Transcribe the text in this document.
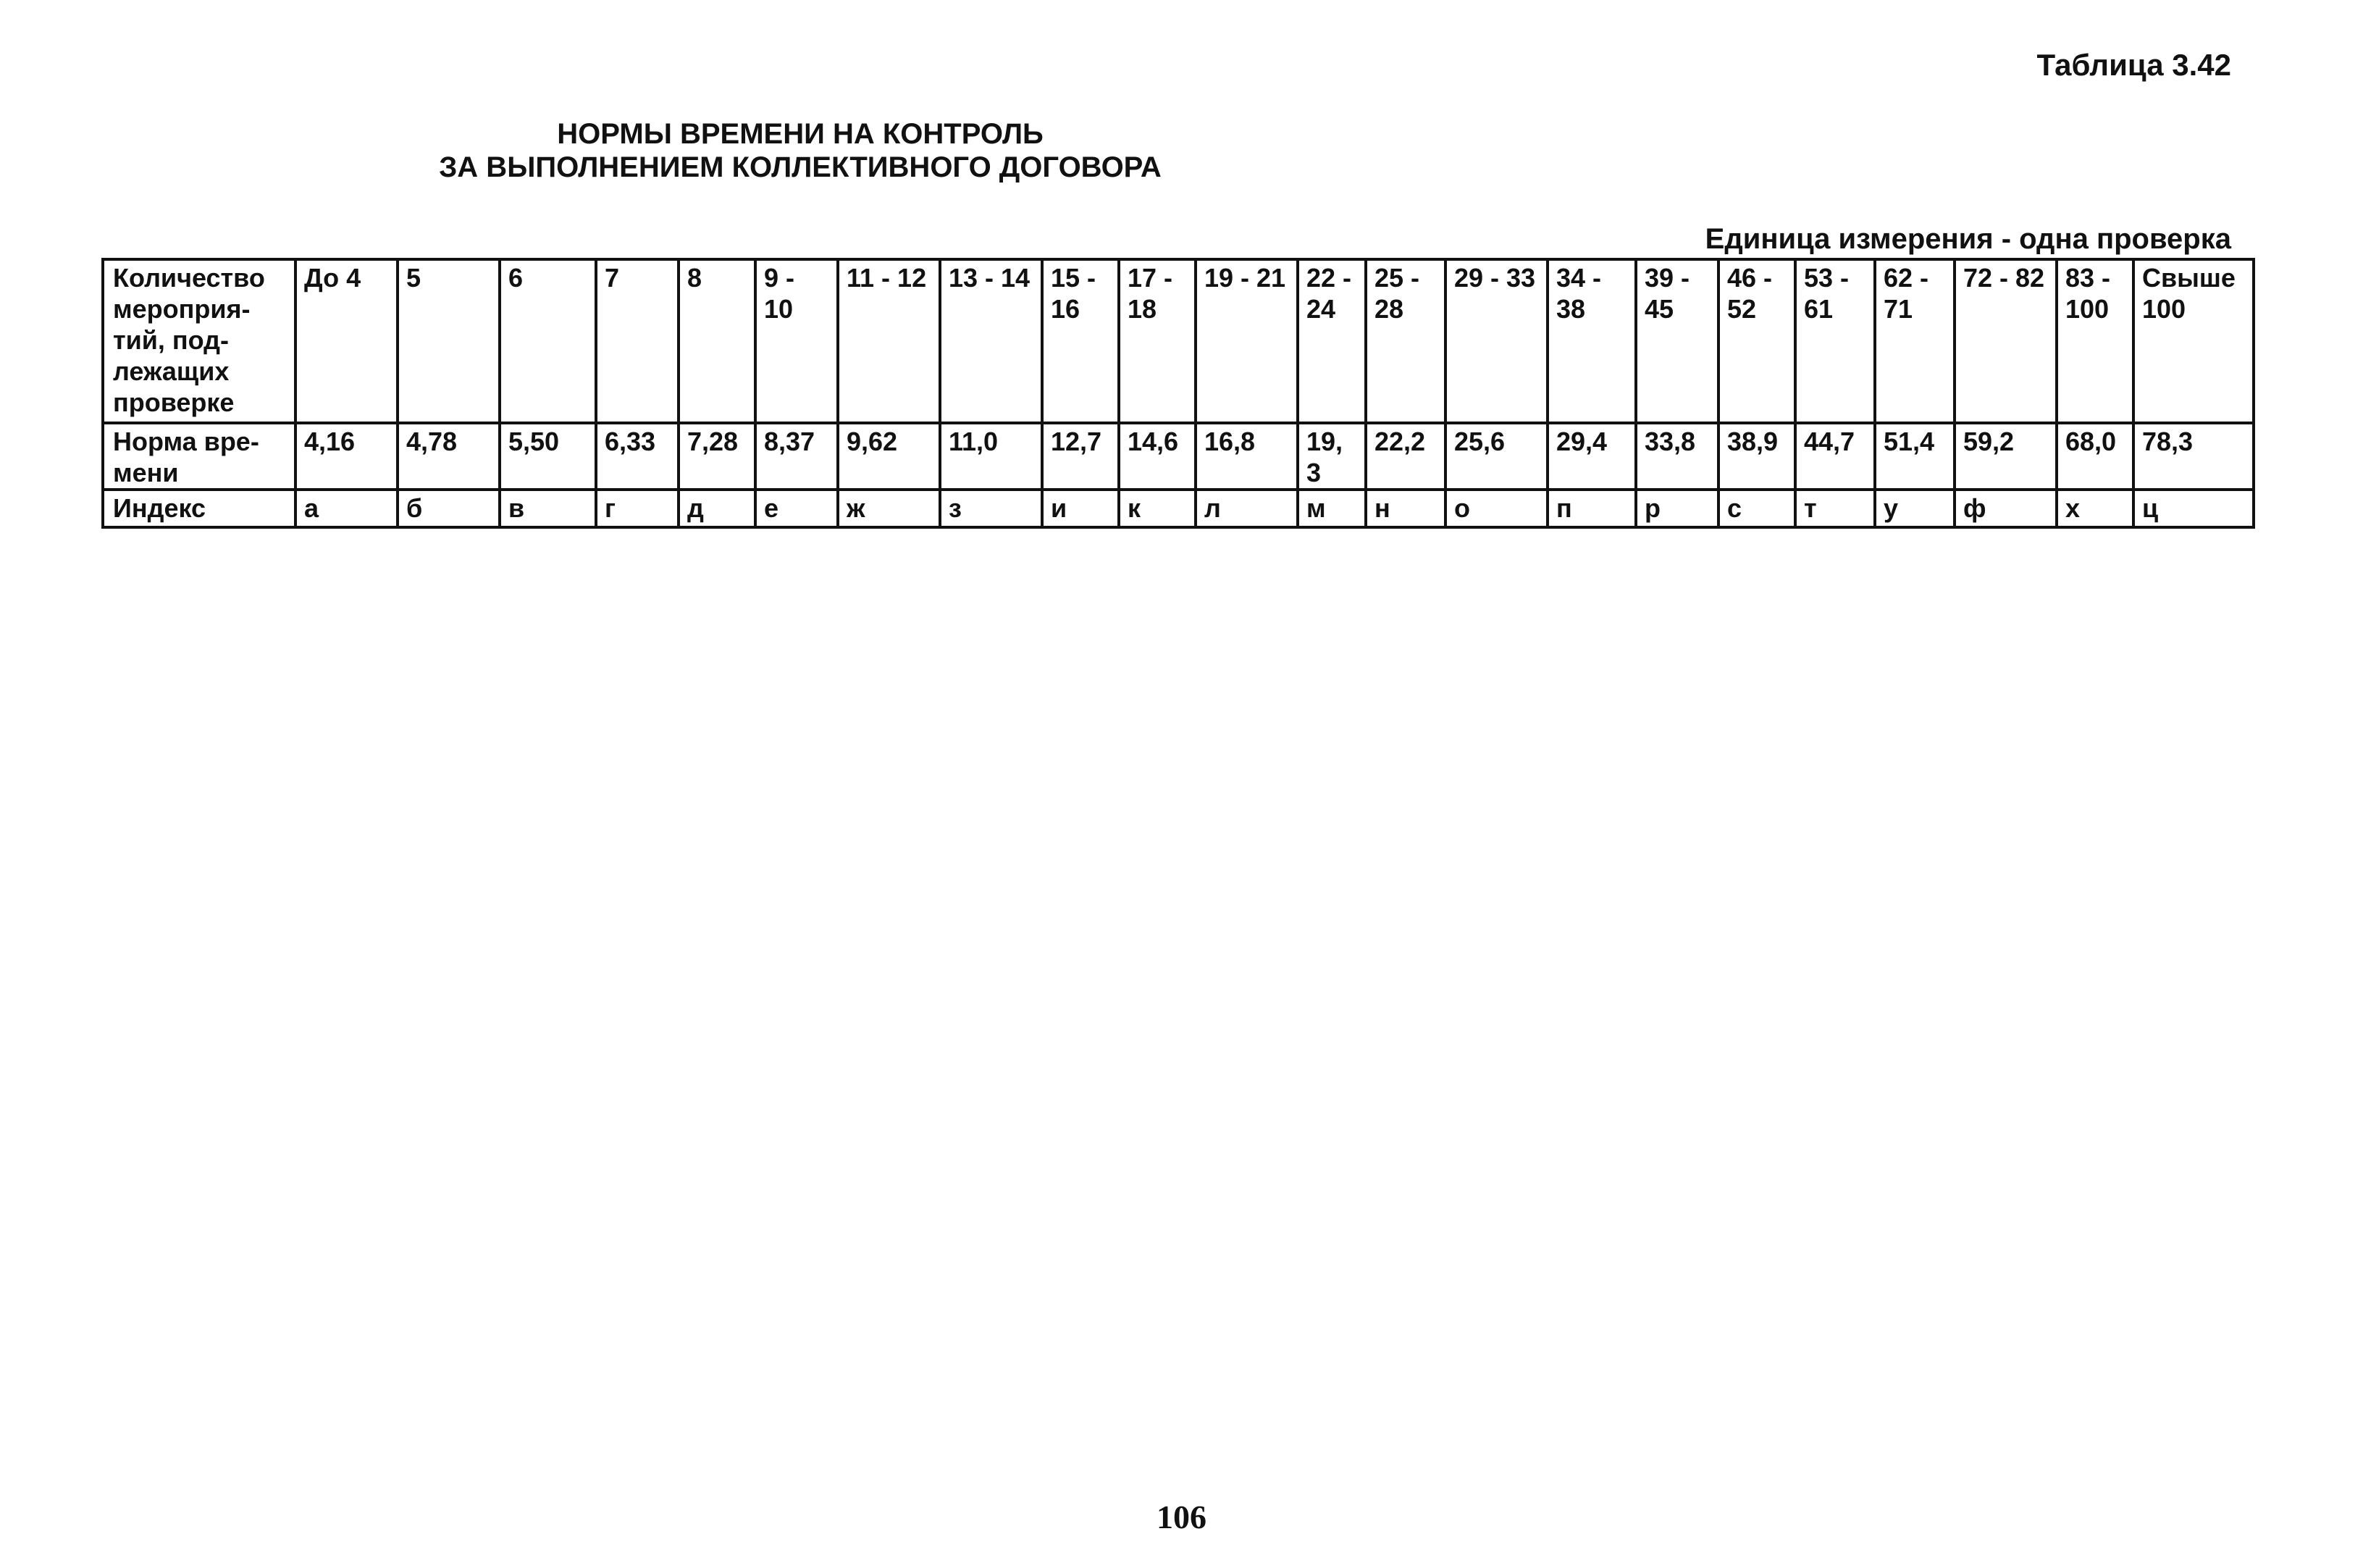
Таблица 3.42
НОРМЫ ВРЕМЕНИ НА КОНТРОЛЬ
ЗА ВЫПОЛНЕНИЕМ КОЛЛЕКТИВНОГО ДОГОВОРА
Единица измерения - одна проверка
Количество мероприя-тий, под-лежащих проверке	До 4	5	6	7	8	9 - 10	11 - 12	13 - 14	15 - 16	17 - 18	19 - 21	22 - 24	25 - 28	29 - 33	34 - 38	39 - 45	46 - 52	53 - 61	62 - 71	72 - 82	83 - 100	Свыше 100
Норма вре-мени	4,16	4,78	5,50	6,33	7,28	8,37	9,62	11,0	12,7	14,6	16,8	19,3	22,2	25,6	29,4	33,8	38,9	44,7	51,4	59,2	68,0	78,3
Индекс	а	б	в	г	д	е	ж	з	и	к	л	м	н	о	п	р	с	т	у	ф	х	ц
106
